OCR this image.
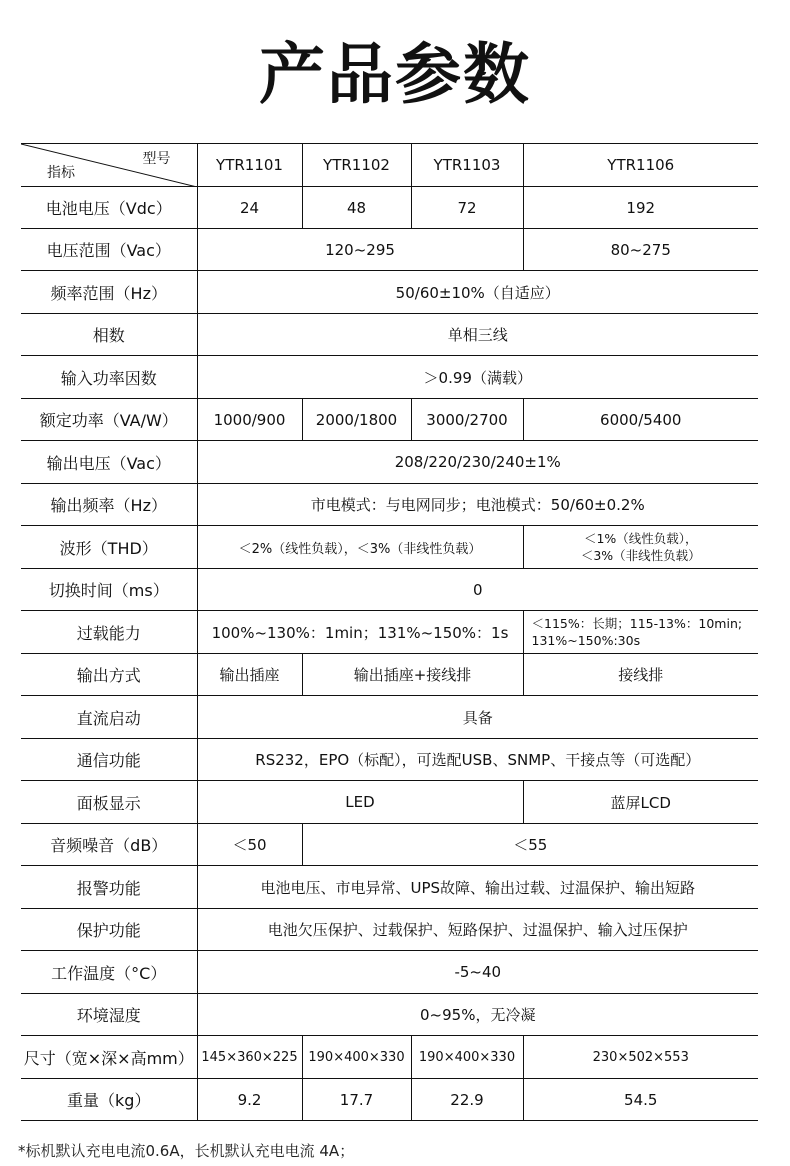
产品参数
型号
指标	YTR1101	YTR1102	YTR1103	YTR1106
电池电压（Vdc）	24	48	72	192
电压范围（Vac）	120~295			80~275
频率范围（Hz）	50/60±10%（自适应）			
相数	单相三线			
输入功率因数	＞0.99（满载）			
额定功率（VA/W）	1000/900	2000/1800	3000/2700	6000/5400
输出电压（Vac）	208/220/230/240±1%			
输出频率（Hz）	市电模式：与电网同步；电池模式：50/60±0.2%			
波形（THD）	＜2%（线性负载），＜3%（非线性负载）			＜1%（线性负载），
＜3%（非线性负载）

切换时间（ms）	0			
过载能力	100%~130%：1min；131%~150%：1s			＜115%：长期；115-13%：10min;
131%~150%:30s

输出方式	输出插座	输出插座+接线排		接线排
直流启动	具备			
通信功能	RS232，EPO（标配），可选配USB、SNMP、干接点等（可选配）			
面板显示	LED			蓝屏LCD
音频噪音（dB）	＜50	＜55		
报警功能	电池电压、市电异常、UPS故障、输出过载、过温保护、输出短路			
保护功能	电池欠压保护、过载保护、短路保护、过温保护、输入过压保护			
工作温度（°C）	-5~40			
环境湿度	0~95%，无冷凝			
尺寸（宽×深×高mm）	145×360×225	190×400×330	190×400×330	230×502×553
重量（kg）	9.2	17.7	22.9	54.5
*标机默认充电电流0.6A，长机默认充电电流 4A；
